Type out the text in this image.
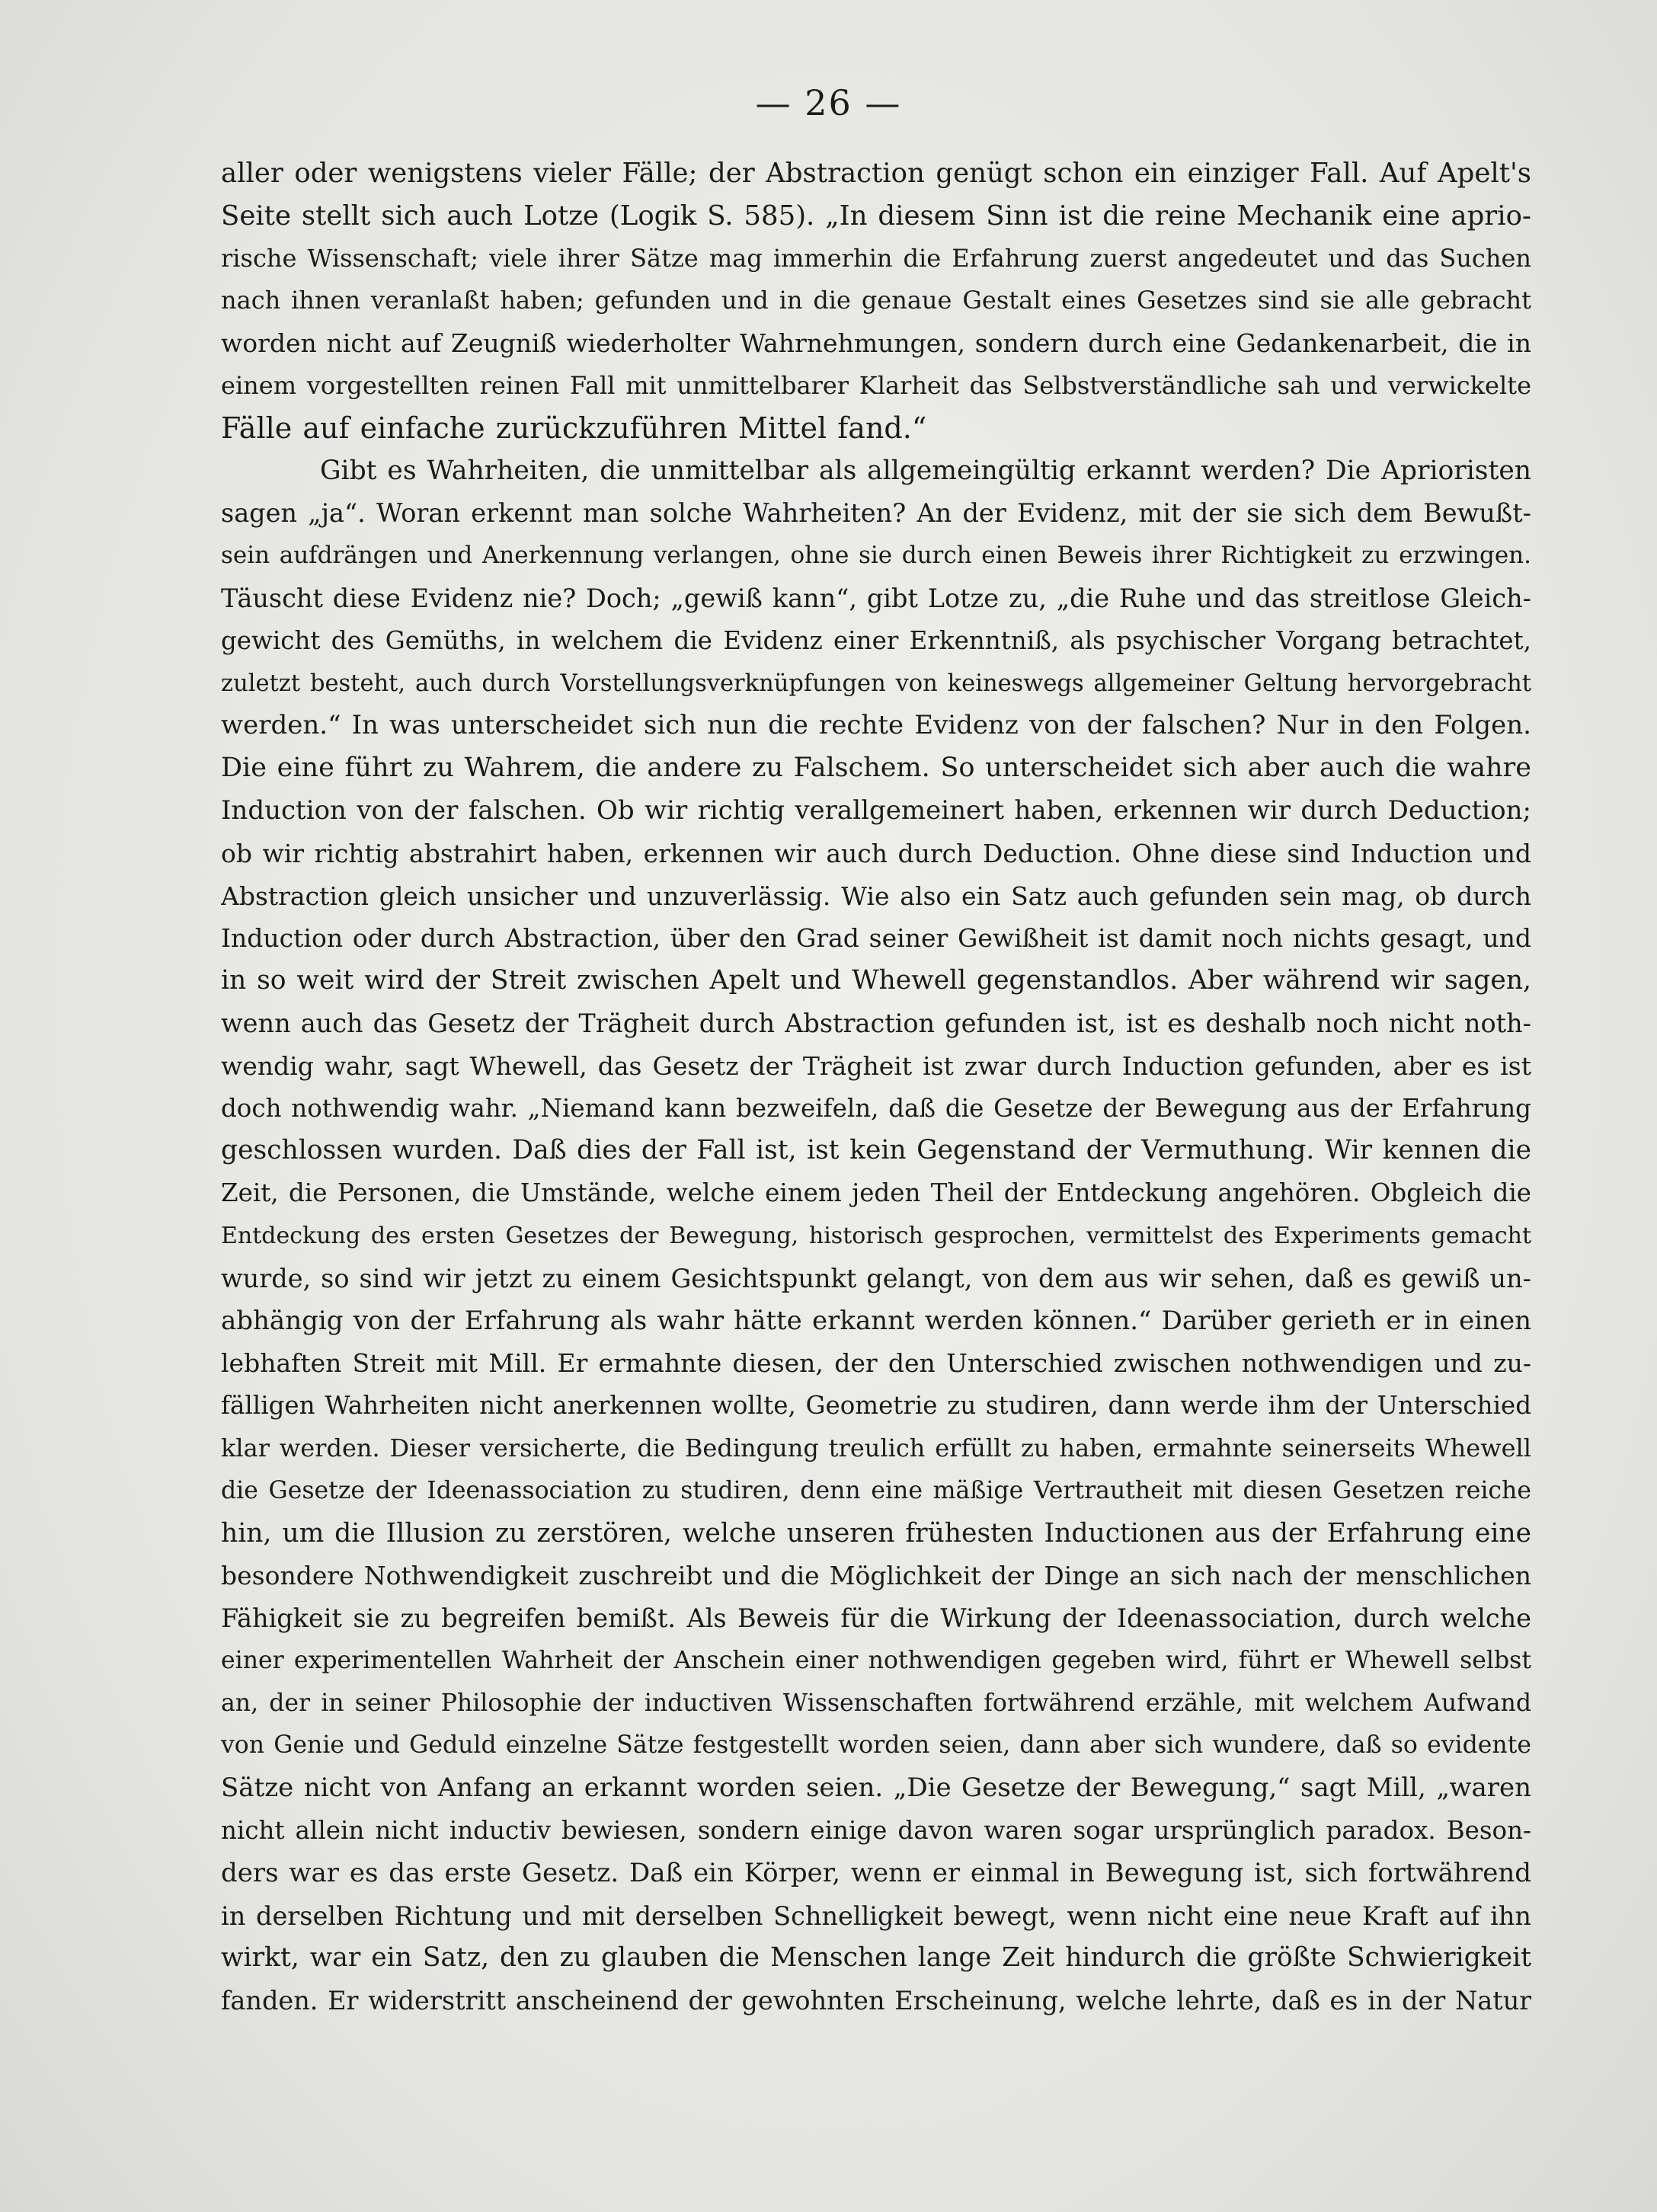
— 26 —
aller oder wenigstens vieler Fälle; der Abstraction genügt schon ein einziger Fall. Auf Apelt's
Seite stellt sich auch Lotze (Logik S. 585). „In diesem Sinn ist die reine Mechanik eine aprio-
rische Wissenschaft; viele ihrer Sätze mag immerhin die Erfahrung zuerst angedeutet und das Suchen
nach ihnen veranlaßt haben; gefunden und in die genaue Gestalt eines Gesetzes sind sie alle gebracht
worden nicht auf Zeugniß wiederholter Wahrnehmungen, sondern durch eine Gedankenarbeit, die in
einem vorgestellten reinen Fall mit unmittelbarer Klarheit das Selbstverständliche sah und verwickelte
Fälle auf einfache zurückzuführen Mittel fand.“
Gibt es Wahrheiten, die unmittelbar als allgemeingültig erkannt werden? Die Aprioristen
sagen „ja“. Woran erkennt man solche Wahrheiten? An der Evidenz, mit der sie sich dem Bewußt-
sein aufdrängen und Anerkennung verlangen, ohne sie durch einen Beweis ihrer Richtigkeit zu erzwingen.
Täuscht diese Evidenz nie? Doch; „gewiß kann“, gibt Lotze zu, „die Ruhe und das streitlose Gleich-
gewicht des Gemüths, in welchem die Evidenz einer Erkenntniß, als psychischer Vorgang betrachtet,
zuletzt besteht, auch durch Vorstellungsverknüpfungen von keineswegs allgemeiner Geltung hervorgebracht
werden.“ In was unterscheidet sich nun die rechte Evidenz von der falschen? Nur in den Folgen.
Die eine führt zu Wahrem, die andere zu Falschem. So unterscheidet sich aber auch die wahre
Induction von der falschen. Ob wir richtig verallgemeinert haben, erkennen wir durch Deduction;
ob wir richtig abstrahirt haben, erkennen wir auch durch Deduction. Ohne diese sind Induction und
Abstraction gleich unsicher und unzuverlässig. Wie also ein Satz auch gefunden sein mag, ob durch
Induction oder durch Abstraction, über den Grad seiner Gewißheit ist damit noch nichts gesagt, und
in so weit wird der Streit zwischen Apelt und Whewell gegenstandlos. Aber während wir sagen,
wenn auch das Gesetz der Trägheit durch Abstraction gefunden ist, ist es deshalb noch nicht noth-
wendig wahr, sagt Whewell, das Gesetz der Trägheit ist zwar durch Induction gefunden, aber es ist
doch nothwendig wahr. „Niemand kann bezweifeln, daß die Gesetze der Bewegung aus der Erfahrung
geschlossen wurden. Daß dies der Fall ist, ist kein Gegenstand der Vermuthung. Wir kennen die
Zeit, die Personen, die Umstände, welche einem jeden Theil der Entdeckung angehören. Obgleich die
Entdeckung des ersten Gesetzes der Bewegung, historisch gesprochen, vermittelst des Experiments gemacht
wurde, so sind wir jetzt zu einem Gesichtspunkt gelangt, von dem aus wir sehen, daß es gewiß un-
abhängig von der Erfahrung als wahr hätte erkannt werden können.“ Darüber gerieth er in einen
lebhaften Streit mit Mill. Er ermahnte diesen, der den Unterschied zwischen nothwendigen und zu-
fälligen Wahrheiten nicht anerkennen wollte, Geometrie zu studiren, dann werde ihm der Unterschied
klar werden. Dieser versicherte, die Bedingung treulich erfüllt zu haben, ermahnte seinerseits Whewell
die Gesetze der Ideenassociation zu studiren, denn eine mäßige Vertrautheit mit diesen Gesetzen reiche
hin, um die Illusion zu zerstören, welche unseren frühesten Inductionen aus der Erfahrung eine
besondere Nothwendigkeit zuschreibt und die Möglichkeit der Dinge an sich nach der menschlichen
Fähigkeit sie zu begreifen bemißt. Als Beweis für die Wirkung der Ideenassociation, durch welche
einer experimentellen Wahrheit der Anschein einer nothwendigen gegeben wird, führt er Whewell selbst
an, der in seiner Philosophie der inductiven Wissenschaften fortwährend erzähle, mit welchem Aufwand
von Genie und Geduld einzelne Sätze festgestellt worden seien, dann aber sich wundere, daß so evidente
Sätze nicht von Anfang an erkannt worden seien. „Die Gesetze der Bewegung,“ sagt Mill, „waren
nicht allein nicht inductiv bewiesen, sondern einige davon waren sogar ursprünglich paradox. Beson-
ders war es das erste Gesetz. Daß ein Körper, wenn er einmal in Bewegung ist, sich fortwährend
in derselben Richtung und mit derselben Schnelligkeit bewegt, wenn nicht eine neue Kraft auf ihn
wirkt, war ein Satz, den zu glauben die Menschen lange Zeit hindurch die größte Schwierigkeit
fanden. Er widerstritt anscheinend der gewohnten Erscheinung, welche lehrte, daß es in der Natur
